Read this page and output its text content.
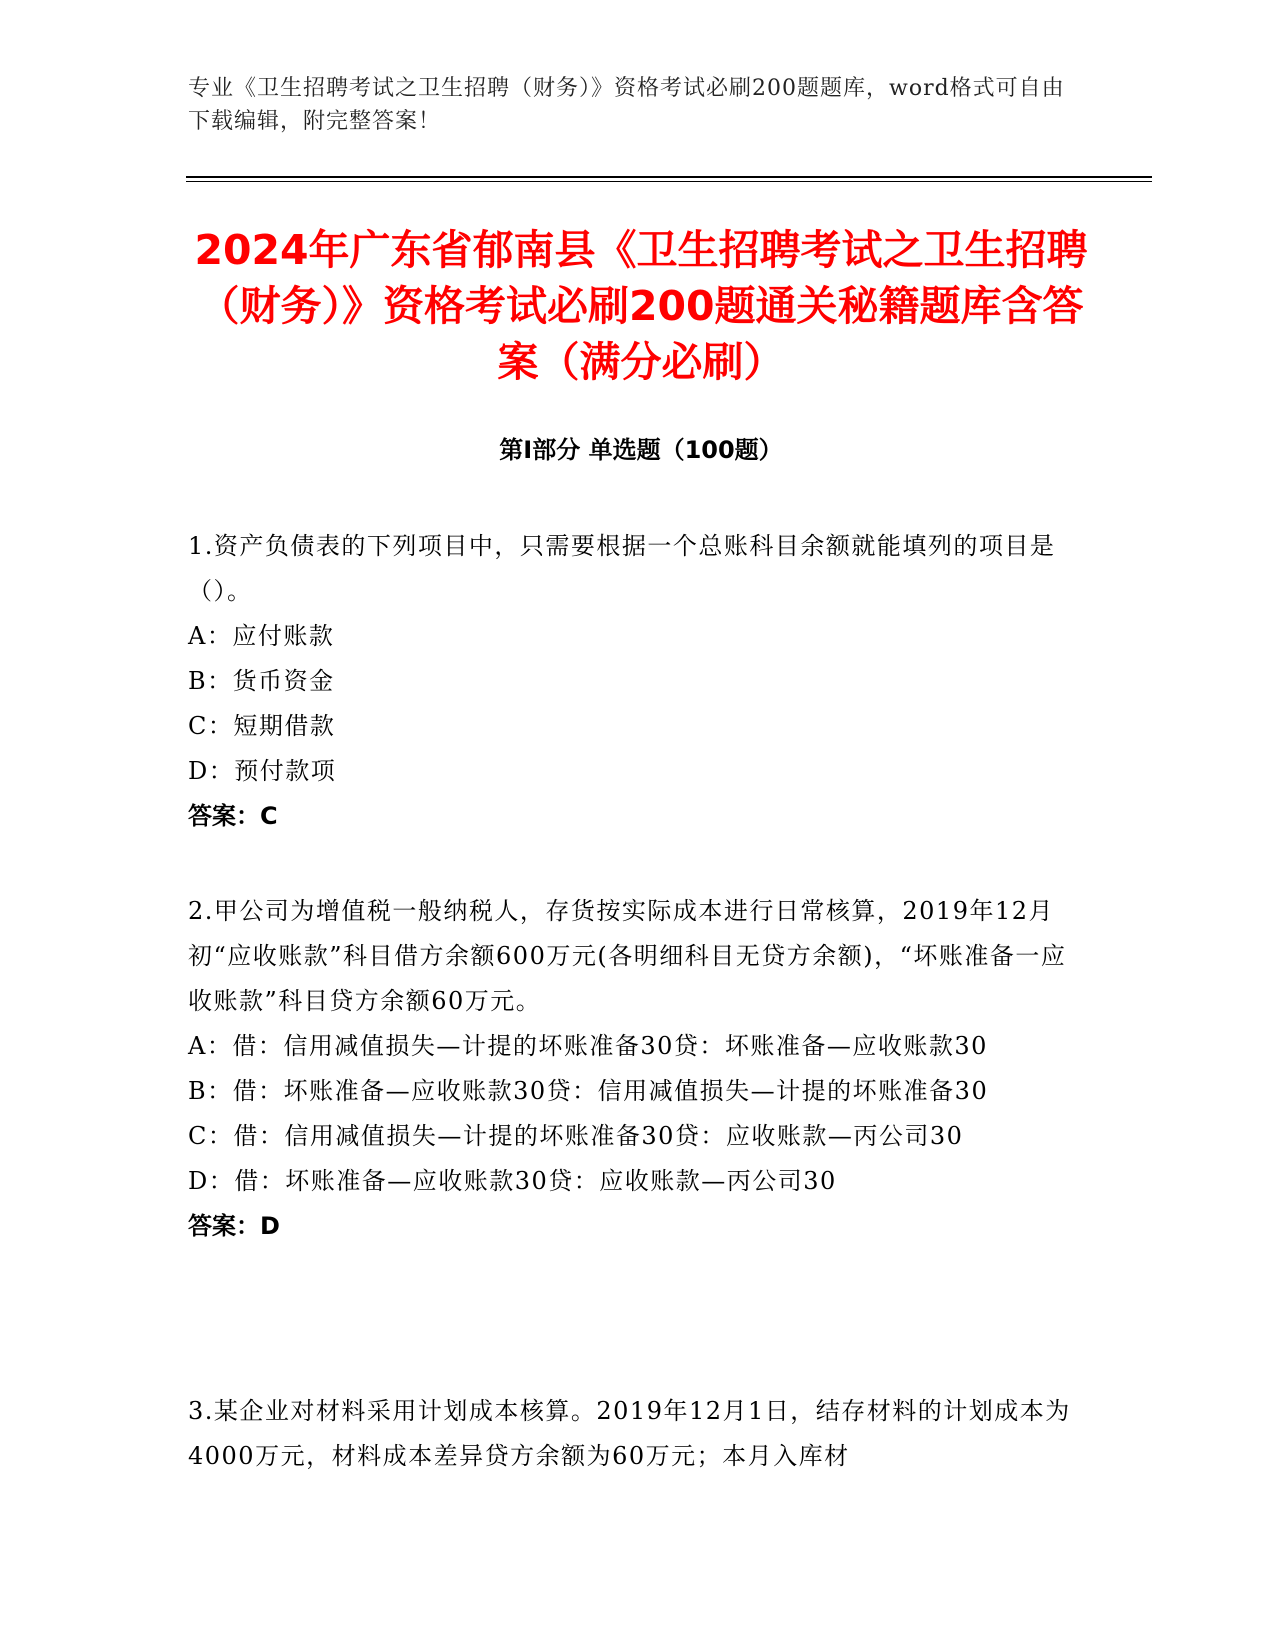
专业《卫生招聘考试之卫生招聘（财务）》资格考试必刷200题题库，word格式可自由下载编辑，附完整答案！
2024年广东省郁南县《卫生招聘考试之卫生招聘（财务）》资格考试必刷200题通关秘籍题库含答案（满分必刷）
第I部分 单选题（100题）

1.资产负债表的下列项目中，只需要根据一个总账科目余额就能填列的项目是（）。

A：应付账款

B：货币资金

C：短期借款

D：预付款项

答案：C

2.甲公司为增值税一般纳税人，存货按实际成本进行日常核算，2019年12月初“应收账款”科目借方余额600万元(各明细科目无贷方余额)，“坏账准备一应收账款”科目贷方余额60万元。

A：借：信用减值损失—计提的坏账准备30贷：坏账准备—应收账款30

B：借：坏账准备—应收账款30贷：信用减值损失—计提的坏账准备30

C：借：信用减值损失—计提的坏账准备30贷：应收账款—丙公司30

D：借：坏账准备—应收账款30贷：应收账款—丙公司30

答案：D

3.某企业对材料采用计划成本核算。2019年12月1日，结存材料的计划成本为4000万元，材料成本差异贷方余额为60万元；本月入库材
